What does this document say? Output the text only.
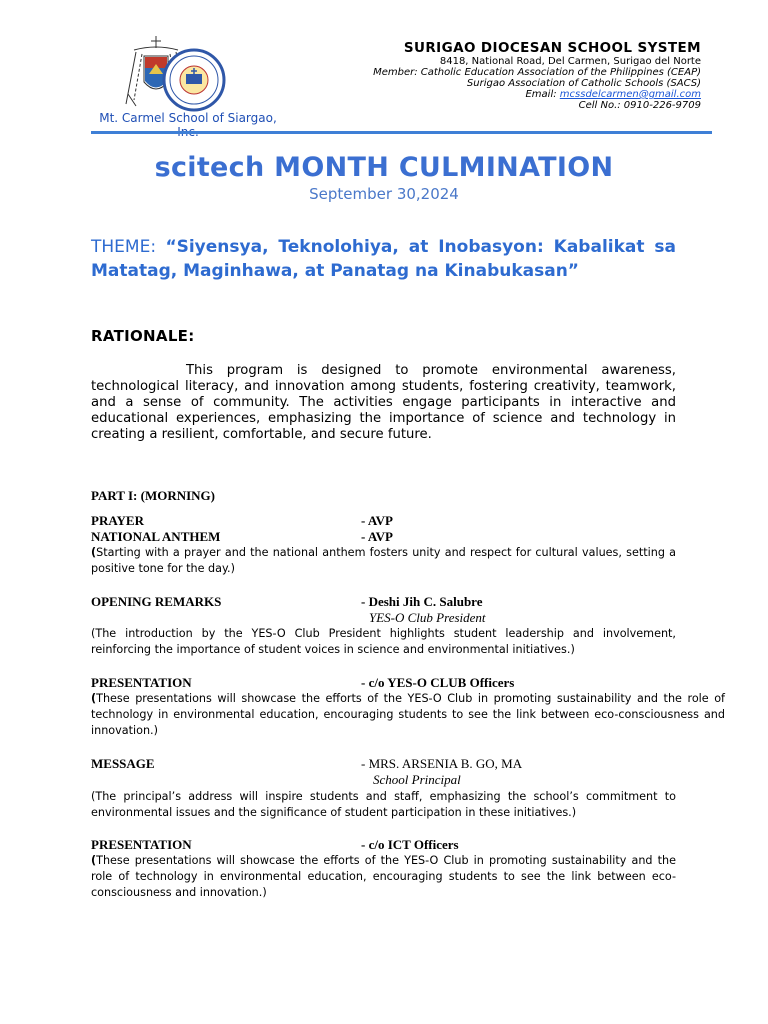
Mt. Carmel School of Siargao,
SURIGAO DIOCESAN SCHOOL SYSTEM
8418, National Road, Del Carmen, Surigao del Norte
Member: Catholic Education Association of the Philippines (CEAP)
Surigao Association of Catholic Schools (SACS)
Email: mcssdelcarmen@gmail.com
Cell No.: 0910-226-9709
scitech MONTH CULMINATION
September 30,2024
THEME: “Siyensya, Teknolohiya, at Inobasyon: Kabalikat sa Matatag, Maginhawa, at Panatag na Kinabukasan”
RATIONALE:
This program is designed to promote environmental awareness, technological literacy, and innovation among students, fostering creativity, teamwork, and a sense of community. The activities engage participants in interactive and educational experiences, emphasizing the importance of science and technology in creating a resilient, comfortable, and secure future.
PART I: (MORNING)
PRAYER	- AVP
NATIONAL ANTHEM	- AVP
(Starting with a prayer and the national anthem fosters unity and respect for cultural values, setting a positive tone for the day.)
OPENING REMARKS	- Deshi Jih C. Salubre
YES-O Club President
(The introduction by the YES-O Club President highlights student leadership and involvement, reinforcing the importance of student voices in science and environmental initiatives.)
PRESENTATION	- c/o YES-O CLUB Officers
(These presentations will showcase the efforts of the YES-O Club in promoting sustainability and the role of technology in environmental education, encouraging students to see the link between eco-consciousness and innovation.)
MESSAGE	- MRS. ARSENIA B. GO, MA
School Principal
(The principal’s address will inspire students and staff, emphasizing the school’s commitment to environmental issues and the significance of student participation in these initiatives.)
PRESENTATION	- c/o ICT Officers
(These presentations will showcase the efforts of the YES-O Club in promoting sustainability and the role of technology in environmental education, encouraging students to see the link between eco-consciousness and innovation.)
